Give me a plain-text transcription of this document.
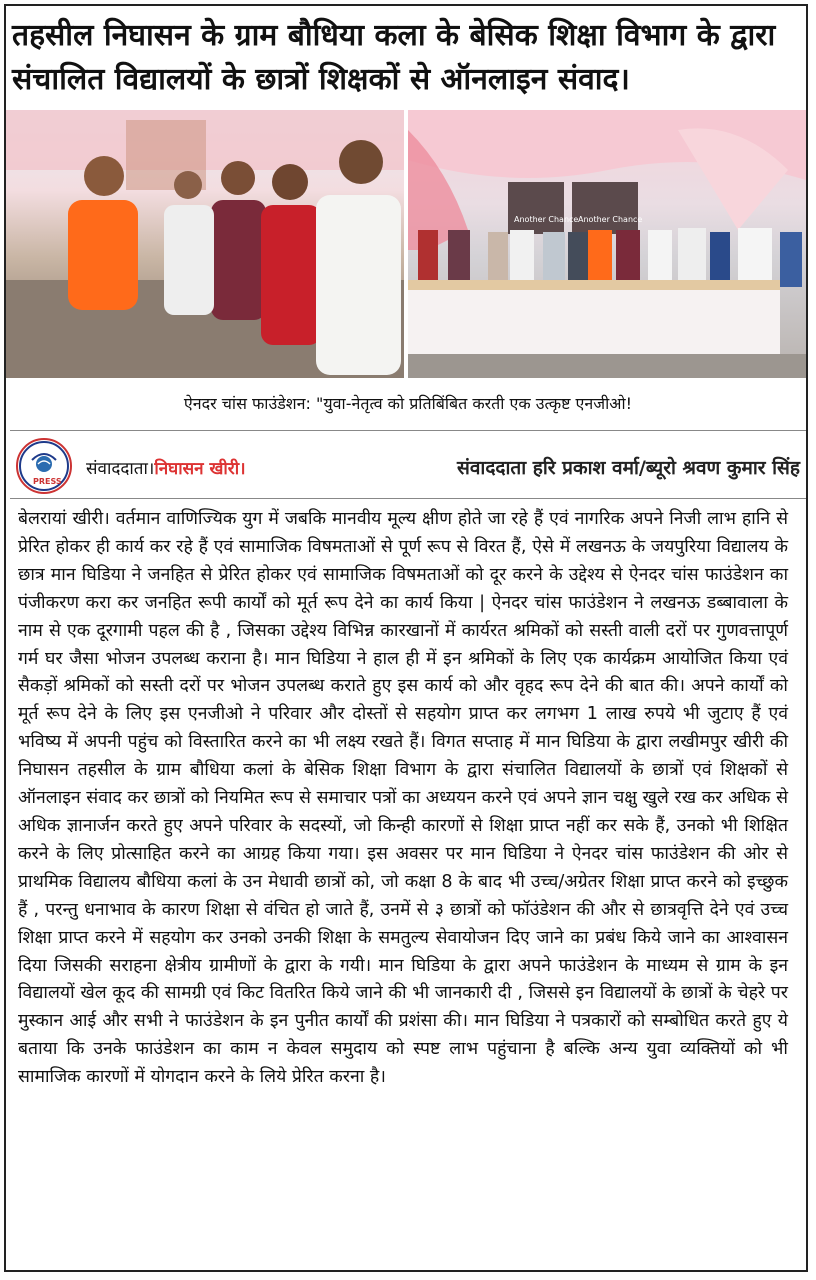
तहसील निघासन के ग्राम बौधिया कला के बेसिक शिक्षा विभाग के द्वारा संचालित विद्यालयों के छात्रों शिक्षकों से ऑनलाइन संवाद।
Another Chance Another Chance
ऐनदर चांस फाउंडेशन: "युवा-नेतृत्व को प्रतिबिंबित करती एक उत्कृष्ट एनजीओ!
PRESS
संवाददाता।निघासन खीरी।	संवाददाता हरि प्रकाश वर्मा/ब्यूरो श्रवण कुमार सिंह
बेलरायां खीरी। वर्तमान वाणिज्यिक युग में जबकि मानवीय मूल्य क्षीण होते जा रहे हैं एवं नागरिक अपने निजी लाभ हानि से प्रेरित होकर ही कार्य कर रहे हैं एवं सामाजिक विषमताओं से पूर्ण रूप से विरत हैं, ऐसे में लखनऊ के जयपुरिया विद्यालय के छात्र मान घिडिया ने जनहित से प्रेरित होकर एवं सामाजिक विषमताओं को दूर करने के उद्देश्य से ऐनदर चांस फाउंडेशन का पंजीकरण करा कर जनहित रूपी कार्यों को मूर्त रूप देने का कार्य किया | ऐनदर चांस फाउंडेशन ने लखनऊ डब्बावाला के नाम से एक दूरगामी पहल की है , जिसका उद्देश्य विभिन्न कारखानों में कार्यरत श्रमिकों को सस्ती वाली दरों पर गुणवत्तापूर्ण गर्म घर जैसा भोजन उपलब्ध कराना है। मान घिडिया ने हाल ही में इन श्रमिकों के लिए एक कार्यक्रम आयोजित किया एवं सैकड़ों श्रमिकों को सस्ती दरों पर भोजन उपलब्ध कराते हुए इस कार्य को और वृहद रूप देने की बात की। अपने कार्यों को मूर्त रूप देने के लिए इस एनजीओ ने परिवार और दोस्तों से सहयोग प्राप्त कर लगभग 1 लाख रुपये भी जुटाए हैं एवं भविष्य में अपनी पहुंच को विस्तारित करने का भी लक्ष्य रखते हैं। विगत सप्ताह में मान घिडिया के द्वारा लखीमपुर खीरी की निघासन तहसील के ग्राम बौधिया कलां के बेसिक शिक्षा विभाग के द्वारा संचालित विद्यालयों के छात्रों एवं शिक्षकों से ऑनलाइन संवाद कर छात्रों को नियमित रूप से समाचार पत्रों का अध्ययन करने एवं अपने ज्ञान चक्षु खुले रख कर अधिक से अधिक ज्ञानार्जन करते हुए अपने परिवार के सदस्यों, जो किन्ही कारणों से शिक्षा प्राप्त नहीं कर सके हैं, उनको भी शिक्षित करने के लिए प्रोत्साहित करने का आग्रह किया गया। इस अवसर पर मान घिडिया ने ऐनदर चांस फाउंडेशन की ओर से प्राथमिक विद्यालय बौधिया कलां के उन मेधावी छात्रों को, जो कक्षा 8 के बाद भी उच्च/अग्रेतर शिक्षा प्राप्त करने को इच्छुक हैं , परन्तु धनाभाव के कारण शिक्षा से वंचित हो जाते हैं, उनमें से ३ छात्रों को फॉउंडेशन की और से छात्रवृत्ति देने एवं उच्च शिक्षा प्राप्त करने में सहयोग कर उनको उनकी शिक्षा के समतुल्य सेवायोजन दिए जाने का प्रबंध किये जाने का आश्वासन दिया जिसकी सराहना क्षेत्रीय ग्रामीणों के द्वारा के गयी। मान घिडिया के द्वारा अपने फाउंडेशन के माध्यम से ग्राम के इन विद्यालयों खेल कूद की सामग्री एवं किट वितरित किये जाने की भी जानकारी दी , जिससे इन विद्यालयों के छात्रों के चेहरे पर मुस्कान आई और सभी ने फाउंडेशन के इन पुनीत कार्यों की प्रशंसा की। मान घिडिया ने पत्रकारों को सम्बोधित करते हुए ये बताया कि उनके फाउंडेशन का काम न केवल समुदाय को स्पष्ट लाभ पहुंचाना है बल्कि अन्य युवा व्यक्तियों को भी सामाजिक कारणों में योगदान करने के लिये प्रेरित करना है।
